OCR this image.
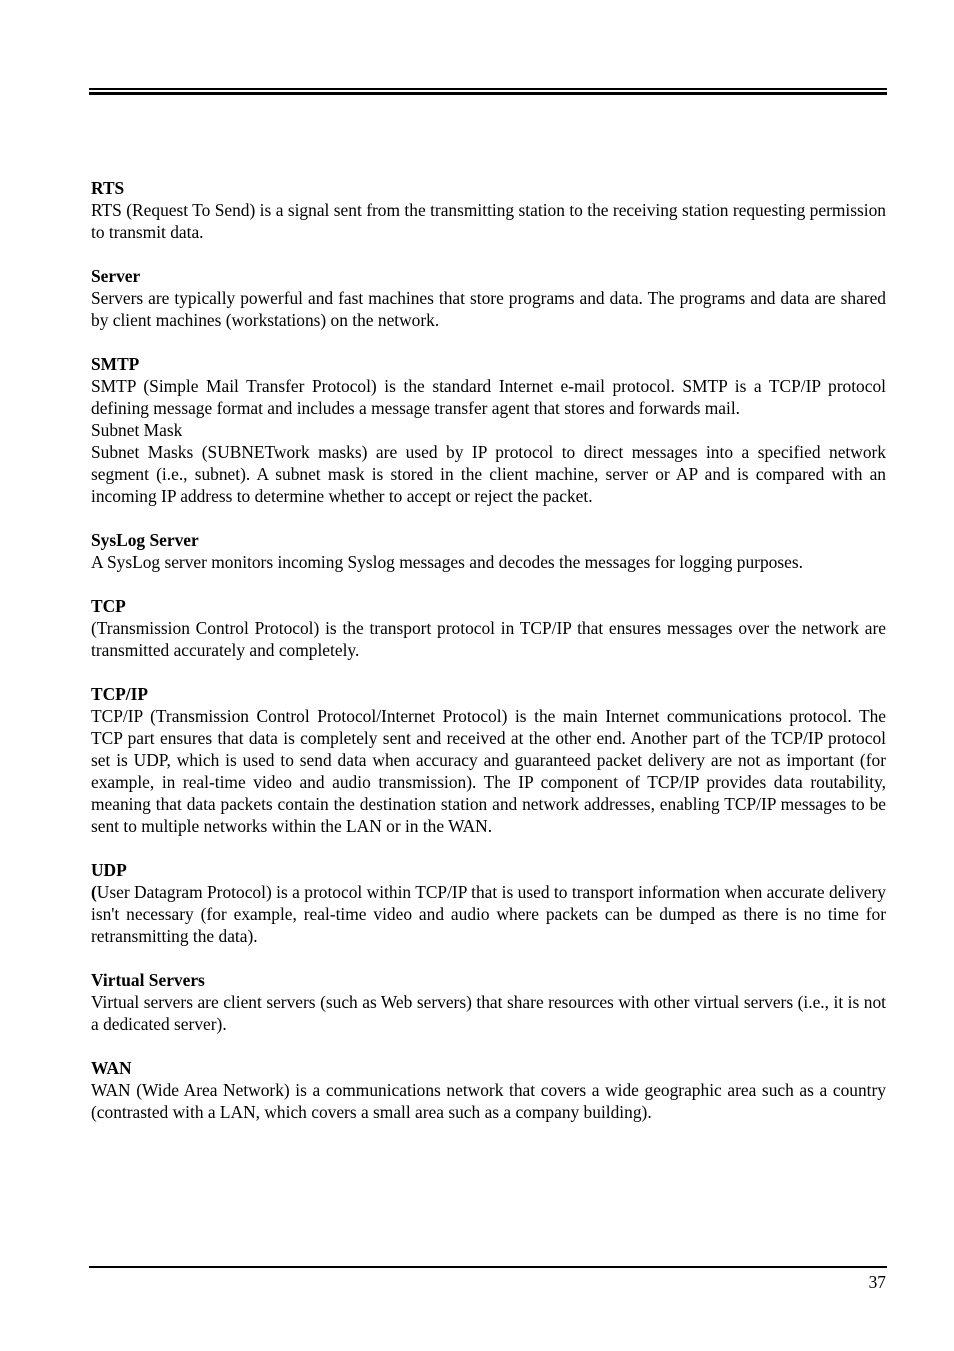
RTS
RTS (Request To Send) is a signal sent from the transmitting station to the receiving station requesting permission to transmit data.
Server
Servers are typically powerful and fast machines that store programs and data. The programs and data are shared by client machines (workstations) on the network.
SMTP
SMTP (Simple Mail Transfer Protocol) is the standard Internet e-mail protocol. SMTP is a TCP/IP protocol defining message format and includes a message transfer agent that stores and forwards mail.
Subnet Mask
Subnet Masks (SUBNETwork masks) are used by IP protocol to direct messages into a specified network segment (i.e., subnet). A subnet mask is stored in the client machine, server or AP and is compared with an incoming IP address to determine whether to accept or reject the packet.
SysLog Server
A SysLog server monitors incoming Syslog messages and decodes the messages for logging purposes.
TCP
(Transmission Control Protocol) is the transport protocol in TCP/IP that ensures messages over the network are transmitted accurately and completely.
TCP/IP
TCP/IP (Transmission Control Protocol/Internet Protocol) is the main Internet communications protocol. The TCP part ensures that data is completely sent and received at the other end. Another part of the TCP/IP protocol set is UDP, which is used to send data when accuracy and guaranteed packet delivery are not as important (for example, in real-time video and audio transmission). The IP component of TCP/IP provides data routability, meaning that data packets contain the destination station and network addresses, enabling TCP/IP messages to be sent to multiple networks within the LAN or in the WAN.
UDP
(User Datagram Protocol) is a protocol within TCP/IP that is used to transport information when accurate delivery isn't necessary (for example, real-time video and audio where packets can be dumped as there is no time for retransmitting the data).
Virtual Servers
Virtual servers are client servers (such as Web servers) that share resources with other virtual servers (i.e., it is not a dedicated server).
WAN
WAN (Wide Area Network) is a communications network that covers a wide geographic area such as a country (contrasted with a LAN, which covers a small area such as a company building).
37
